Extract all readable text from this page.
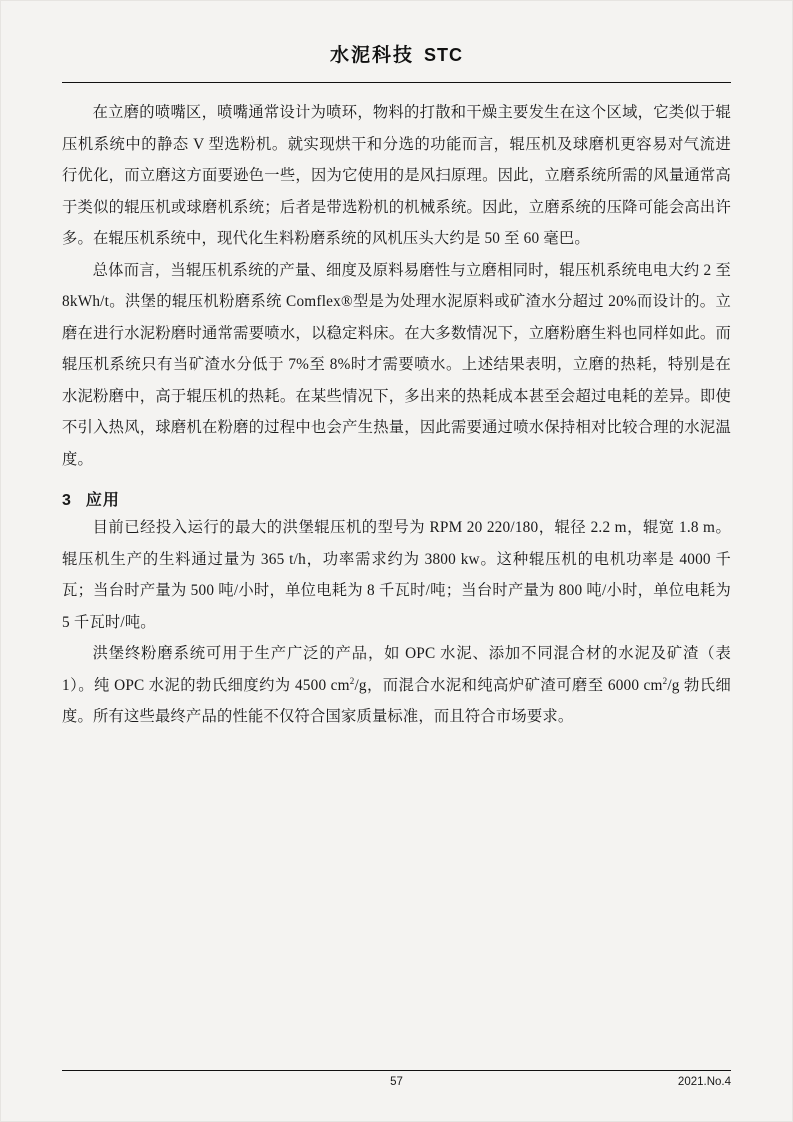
水泥科技 STC

在立磨的喷嘴区，喷嘴通常设计为喷环，物料的打散和干燥主要发生在这个区域，它类似于辊压机系统中的静态 V 型选粉机。就实现烘干和分选的功能而言，辊压机及球磨机更容易对气流进行优化，而立磨这方面要逊色一些，因为它使用的是风扫原理。因此，立磨系统所需的风量通常高于类似的辊压机或球磨机系统；后者是带选粉机的机械系统。因此，立磨系统的压降可能会高出许多。在辊压机系统中，现代化生料粉磨系统的风机压头大约是 50 至 60 毫巴。

总体而言，当辊压机系统的产量、细度及原料易磨性与立磨相同时，辊压机系统电电大约 2 至 8kWh/t。洪堡的辊压机粉磨系统 Comflex®型是为处理水泥原料或矿渣水分超过 20%而设计的。立磨在进行水泥粉磨时通常需要喷水，以稳定料床。在大多数情况下，立磨粉磨生料也同样如此。而辊压机系统只有当矿渣水分低于 7%至 8%时才需要喷水。上述结果表明，立磨的热耗，特别是在水泥粉磨中，高于辊压机的热耗。在某些情况下，多出来的热耗成本甚至会超过电耗的差异。即使不引入热风，球磨机在粉磨的过程中也会产生热量，因此需要通过喷水保持相对比较合理的水泥温度。

3 应用

目前已经投入运行的最大的洪堡辊压机的型号为 RPM 20 220/180，辊径 2.2 m，辊宽 1.8 m。辊压机生产的生料通过量为 365 t/h，功率需求约为 3800 kw。这种辊压机的电机功率是 4000 千瓦；当台时产量为 500 吨/小时，单位电耗为 8 千瓦时/吨；当台时产量为 800 吨/小时，单位电耗为 5 千瓦时/吨。

洪堡终粉磨系统可用于生产广泛的产品，如 OPC 水泥、添加不同混合材的水泥及矿渣（表 1）。纯 OPC 水泥的勃氏细度约为 4500 $cm^2/g$，而混合水泥和纯高炉矿渣可磨至 6000 $cm^2/g$ 勃氏细度。所有这些最终产品的性能不仅符合国家质量标准，而且符合市场要求。

57	2021.No.4
